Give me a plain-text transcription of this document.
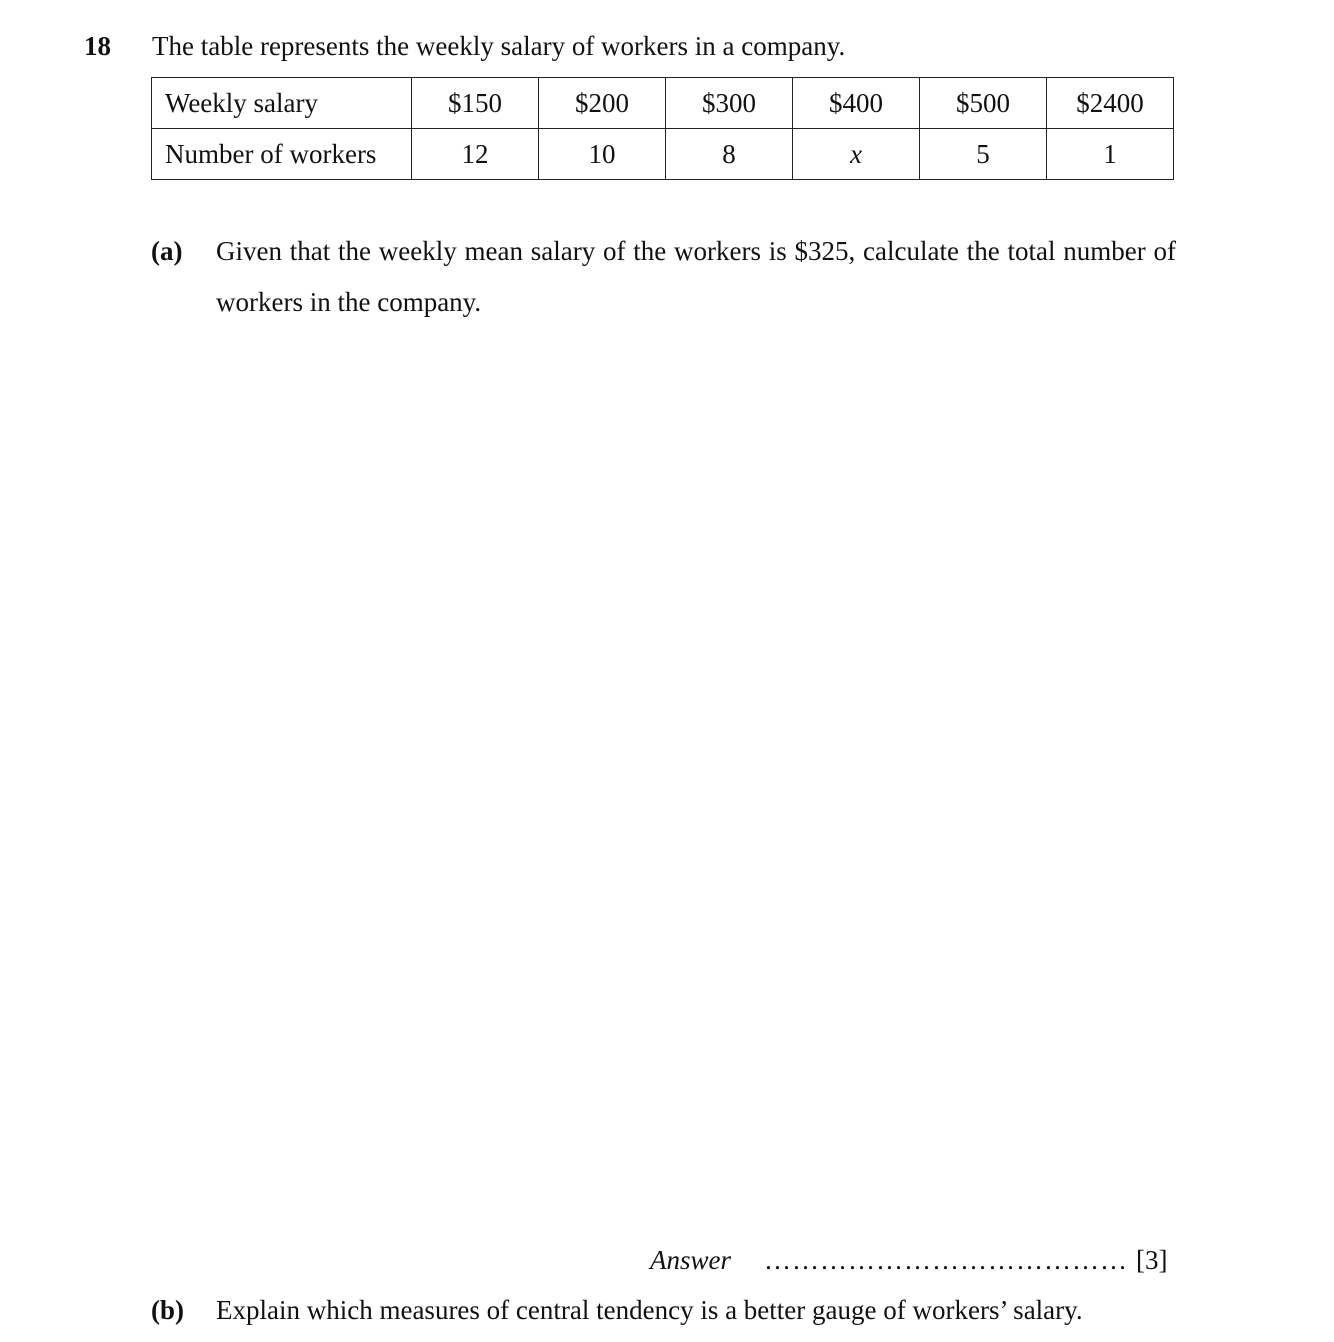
18 The table represents the weekly salary of workers in a company.
Weekly salary	$150	$200	$300	$400	$500	$2400
Number of workers	12	10	8	x	5	1
(a) Given that the weekly mean salary of the workers is $325, calculate the total number of workers in the company.
Answer ………………………………… [3]
(b) Explain which measures of central tendency is a better gauge of workers’ salary.
